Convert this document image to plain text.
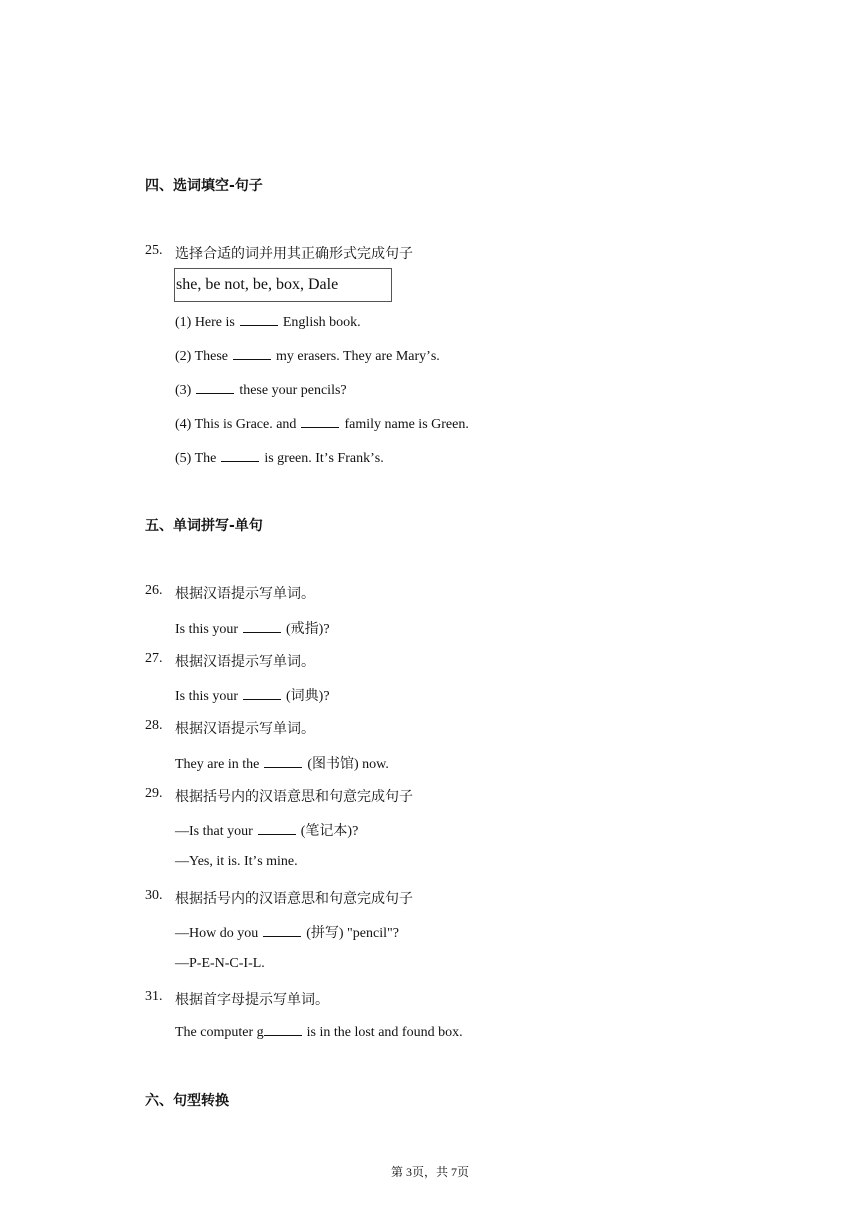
四、选词填空-句子
25. 选择合适的词并用其正确形式完成句子
she, be not, be, box, Dale
(1) Here is	English book.
(2) These	my erasers. They are Maryʼs.
(3)	these your pencils?
(4) This is Grace. and	family name is Green.
(5) The	is green. Itʼs Frankʼs.
五、单词拼写-单句
26. 根据汉语提示写单词。
Is this your	(戒指)?
27. 根据汉语提示写单词。
Is this your	(词典)?
28. 根据汉语提示写单词。
They are in the	(图书馆) now.
29. 根据括号内的汉语意思和句意完成句子
—Is that your	(笔记本)?
—Yes, it is. Itʼs mine.
30. 根据括号内的汉语意思和句意完成句子
—How do you	(拼写) "pencil"?
—P-E-N-C-I-L.
31. 根据首字母提示写单词。
The computer g	is in the lost and found box.
六、句型转换
第 3页，共 7页
